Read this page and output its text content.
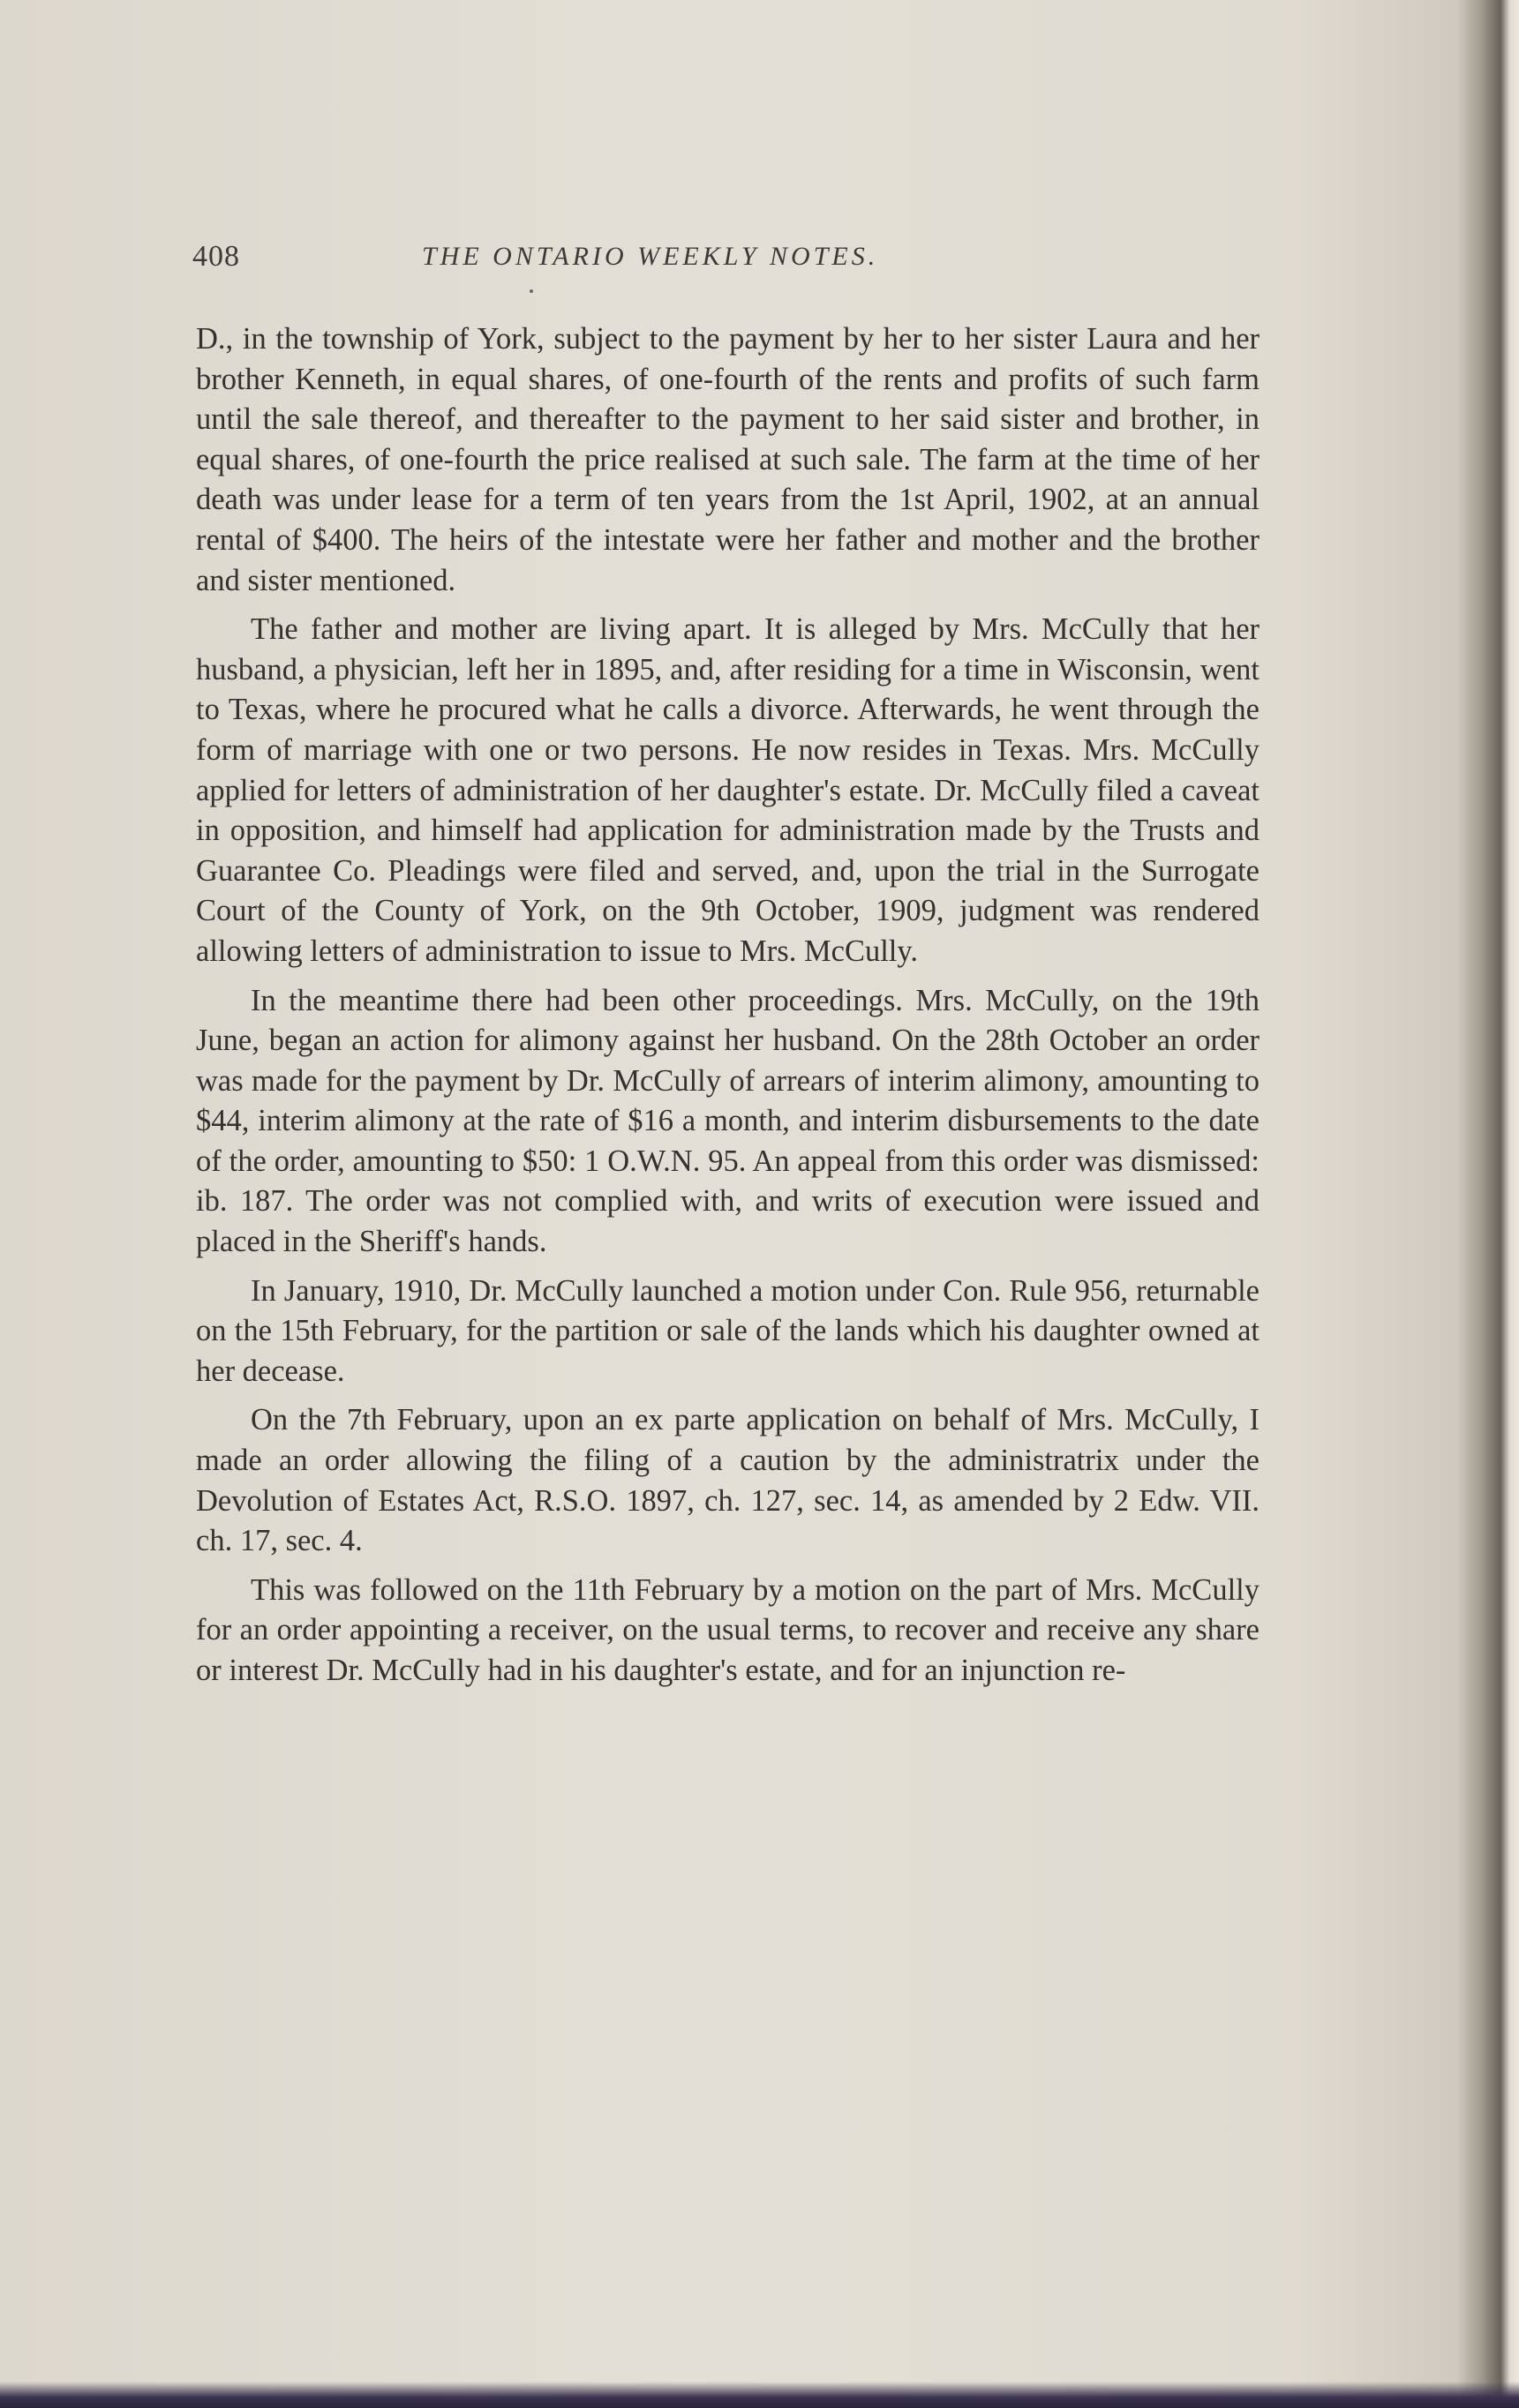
408	THE ONTARIO WEEKLY NOTES.

D., in the township of York, subject to the payment by her to her sister Laura and her brother Kenneth, in equal shares, of one-fourth of the rents and profits of such farm until the sale thereof, and thereafter to the payment to her said sister and brother, in equal shares, of one-fourth the price realised at such sale. The farm at the time of her death was under lease for a term of ten years from the 1st April, 1902, at an annual rental of $400. The heirs of the intestate were her father and mother and the brother and sister mentioned.

The father and mother are living apart. It is alleged by Mrs. McCully that her husband, a physician, left her in 1895, and, after residing for a time in Wisconsin, went to Texas, where he procured what he calls a divorce. Afterwards, he went through the form of marriage with one or two persons. He now resides in Texas. Mrs. McCully applied for letters of administration of her daughter's estate. Dr. McCully filed a caveat in opposition, and himself had application for administration made by the Trusts and Guarantee Co. Pleadings were filed and served, and, upon the trial in the Surrogate Court of the County of York, on the 9th October, 1909, judgment was rendered allowing letters of administration to issue to Mrs. McCully.

In the meantime there had been other proceedings. Mrs. McCully, on the 19th June, began an action for alimony against her husband. On the 28th October an order was made for the payment by Dr. McCully of arrears of interim alimony, amounting to $44, interim alimony at the rate of $16 a month, and interim disbursements to the date of the order, amounting to $50: 1 O.W.N. 95. An appeal from this order was dismissed: ib. 187. The order was not complied with, and writs of execution were issued and placed in the Sheriff's hands.

In January, 1910, Dr. McCully launched a motion under Con. Rule 956, returnable on the 15th February, for the partition or sale of the lands which his daughter owned at her decease.

On the 7th February, upon an ex parte application on behalf of Mrs. McCully, I made an order allowing the filing of a caution by the administratrix under the Devolution of Estates Act, R.S.O. 1897, ch. 127, sec. 14, as amended by 2 Edw. VII. ch. 17, sec. 4.

This was followed on the 11th February by a motion on the part of Mrs. McCully for an order appointing a receiver, on the usual terms, to recover and receive any share or interest Dr. McCully had in his daughter's estate, and for an injunction re-
